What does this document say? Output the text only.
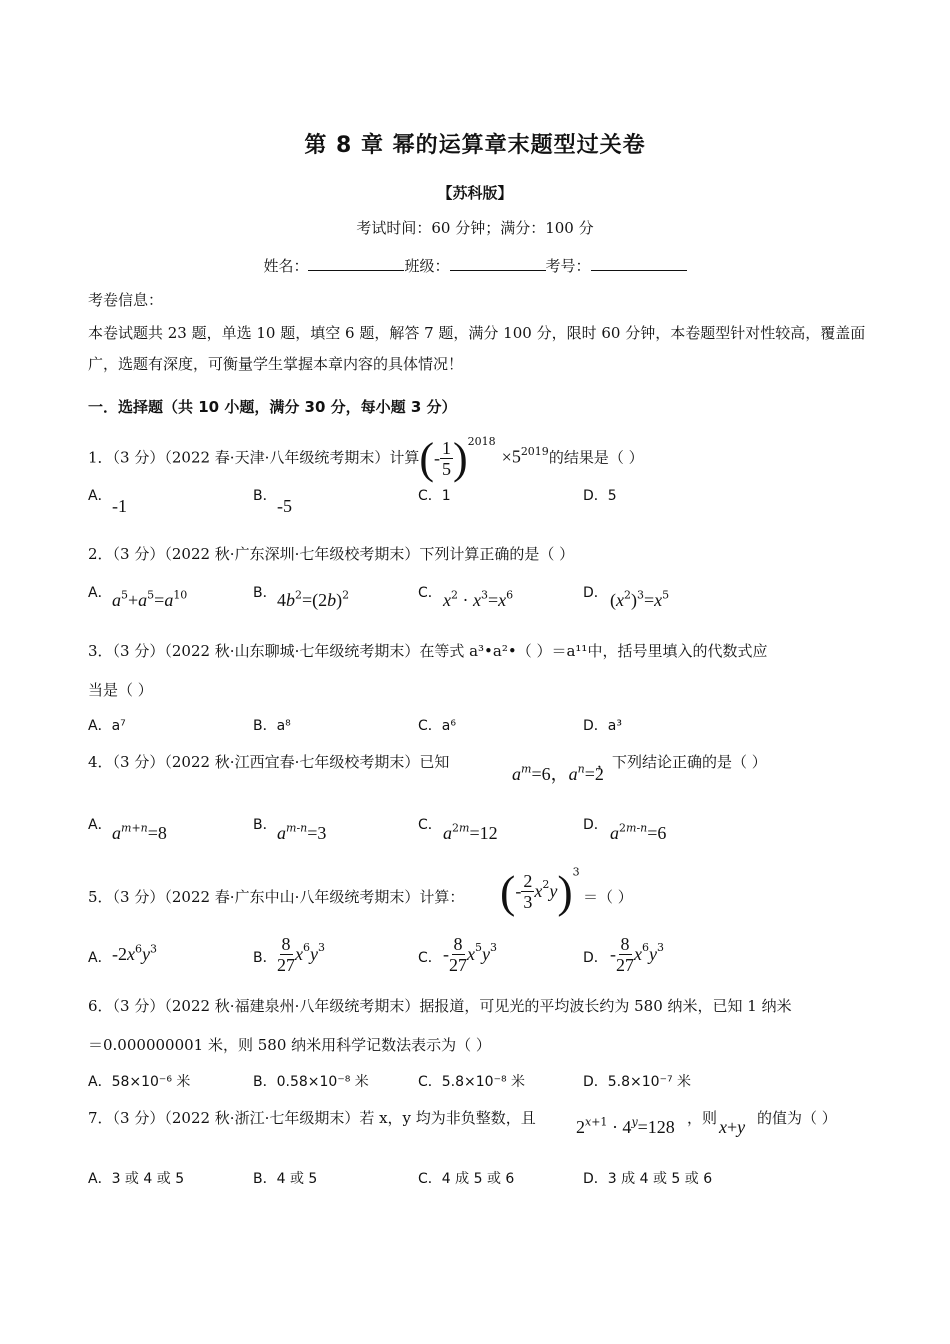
第 8 章 幂的运算章末题型过关卷
【苏科版】
考试时间：60 分钟；满分：100 分
姓名：	班级：	考号：
考卷信息：
本卷试题共 23 题，单选 10 题，填空 6 题，解答 7 题，满分 100 分，限时 60 分钟，本卷题型针对性较高，覆盖面广，选题有深度，可衡量学生掌握本章内容的具体情况！
一．选择题（共 10 小题，满分 30 分，每小题 3 分）
1．（3 分）（2022 春·天津·八年级统考期末）计算(- $\frac{1}{5} )^{2018}\times 5^{2019}$的结果是（ ）
A． -1	B． -5	C．1	D．5
2．（3 分）（2022 秋·广东深圳·七年级校考期末）下列计算正确的是（ ）
A． $a^5+a^5=a^{10}$	B． $4b^2=(2b)^2$	C． $x^2 \cdot x^3=x^6$	D． $(x^2)^3=x^5$
3．（3 分）（2022 秋·山东聊城·七年级统考期末）在等式 a³•a²•（ ）＝a¹¹中，括号里填入的代数式应
当是（ ）
A．a⁷	B．a⁸	C．a⁶	D．a³
4．（3 分）（2022 秋·江西宜春·七年级校考期末）已知
$a^m=6$，$a^n=2$
，下列结论正确的是（ ）
A． $a^{m+n}=8$	B． $a^{m-n}=3$	C． $a^{2m}=12$	D． $a^{2m-n}=6$
5．（3 分）（2022 春·广东中山·八年级统考期末）计算： (- $\frac{2}{3} x^2y)^3$
＝（ ）
A． $-2x^6y^3$
B． $\frac{8}{27} x^6y^3$
C． - $\frac{8}{27} x^5y^3$
D． - $\frac{8}{27} x^6y^3$
6．（3 分）（2022 秋·福建泉州·八年级统考期末）据报道，可见光的平均波长约为 580 纳米，已知 1 纳米
＝0.000000001 米，则 580 纳米用科学记数法表示为（ ）
A．58×10⁻⁶ 米	B．0.58×10⁻⁸ 米	C．5.8×10⁻⁸ 米	D．5.8×10⁻⁷ 米
7．（3 分）（2022 秋·浙江·七年级期末）若 x，y 均为非负整数，且 $2^{x+1} \cdot 4^y=128$ ，则 x+y 的值为（ ）
A．3 或 4 或 5	B．4 或 5	C．4 成 5 或 6	D．3 成 4 或 5 或 6
